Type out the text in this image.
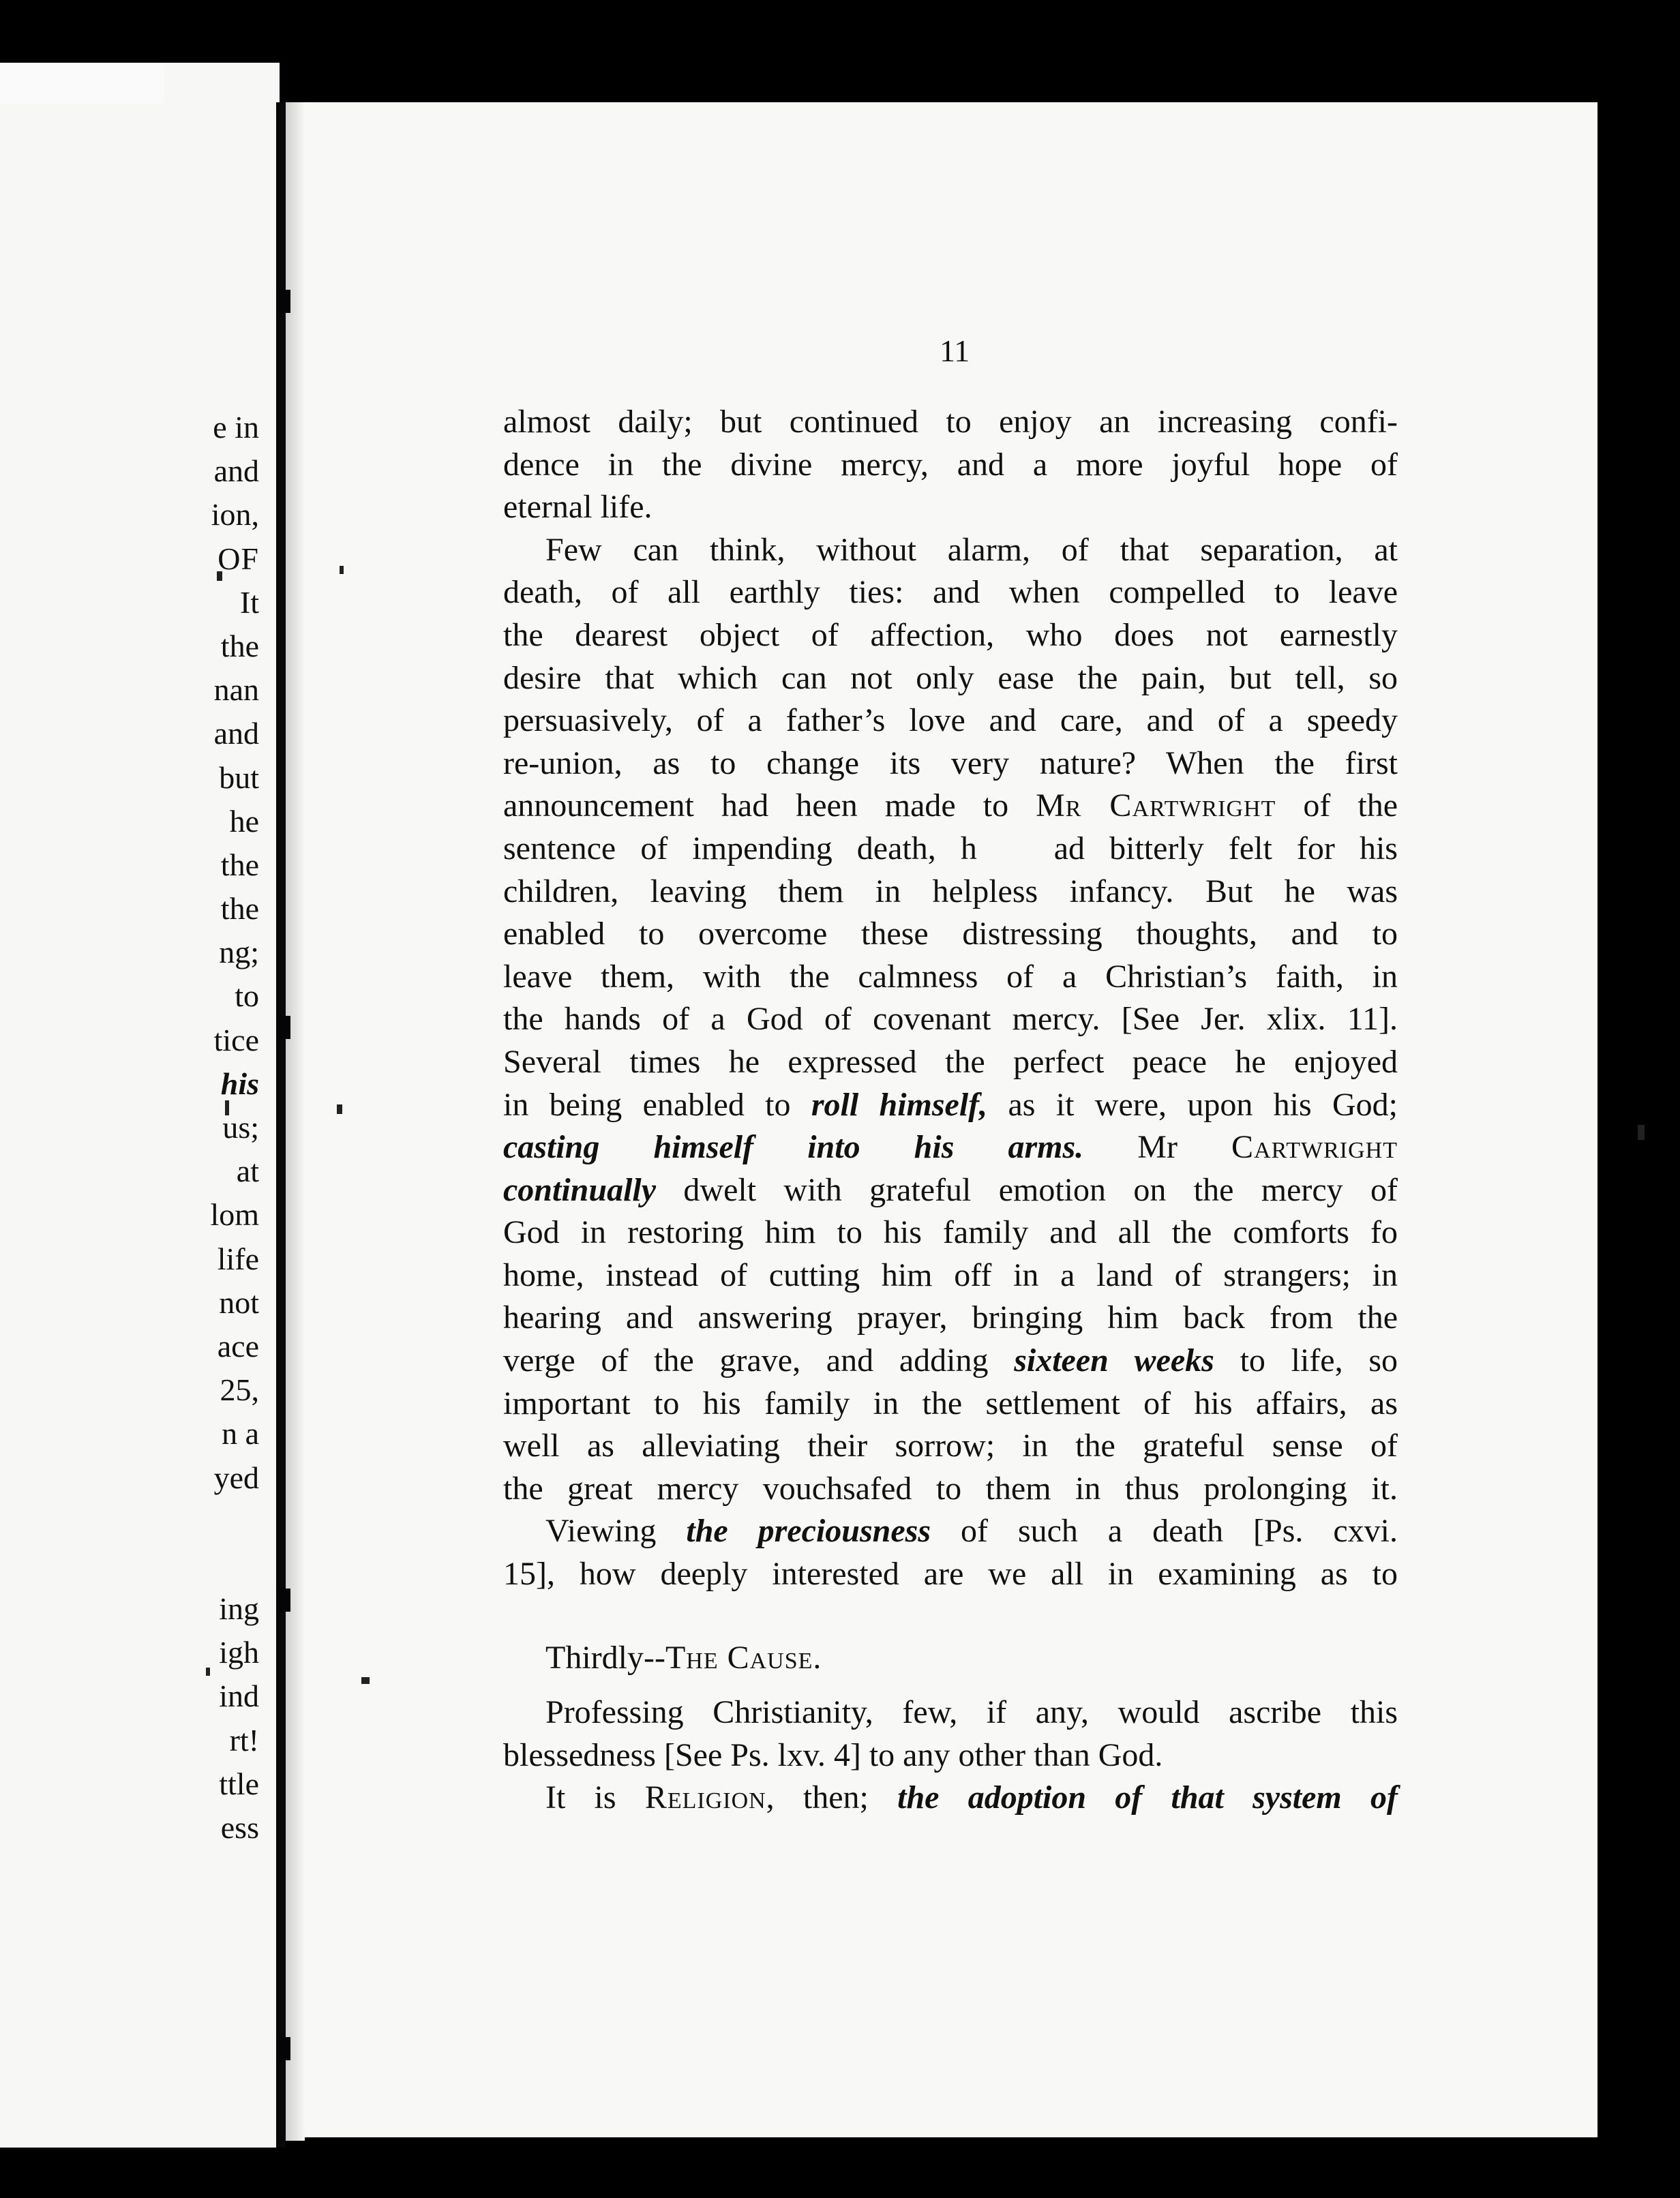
e in
and
ion,
OF
It
the
nan
and
but
he
the
the
ng;
to
tice
his
us;
at
lom
life
not
ace
25,
n a
yed
ing
igh
ind
rt!
ttle
ess
11
almost daily; but continued to enjoy an increasing confi-
dence in the divine mercy, and a more joyful hope of
eternal life.
Few can think, without alarm, of that separation, at
death, of all earthly ties: and when compelled to leave
the dearest object of affection, who does not earnestly
desire that which can not only ease the pain, but tell, so
persuasively, of a father’s love and care, and of a speedy
re-union, as to change its very nature? When the first
announcement had heen made to Mr Cartwright of the
sentence of impending death, h ad bitterly felt for his
children, leaving them in helpless infancy. But he was
enabled to overcome these distressing thoughts, and to
leave them, with the calmness of a Christian’s faith, in
the hands of a God of covenant mercy. [See Jer. xlix. 11].
Several times he expressed the perfect peace he enjoyed
in being enabled to roll himself, as it were, upon his God;
casting himself into his arms. Mr Cartwright
continually dwelt with grateful emotion on the mercy of
God in restoring him to his family and all the comforts fo
home, instead of cutting him off in a land of strangers; in
hearing and answering prayer, bringing him back from the
verge of the grave, and adding sixteen weeks to life, so
important to his family in the settlement of his affairs, as
well as alleviating their sorrow; in the grateful sense of
the great mercy vouchsafed to them in thus prolonging it.
Viewing the preciousness of such a death [Ps. cxvi.
15], how deeply interested are we all in examining as to
Thirdly--The Cause.
Professing Christianity, few, if any, would ascribe this
blessedness [See Ps. lxv. 4] to any other than God.
It is Religion, then; the adoption of that system of
